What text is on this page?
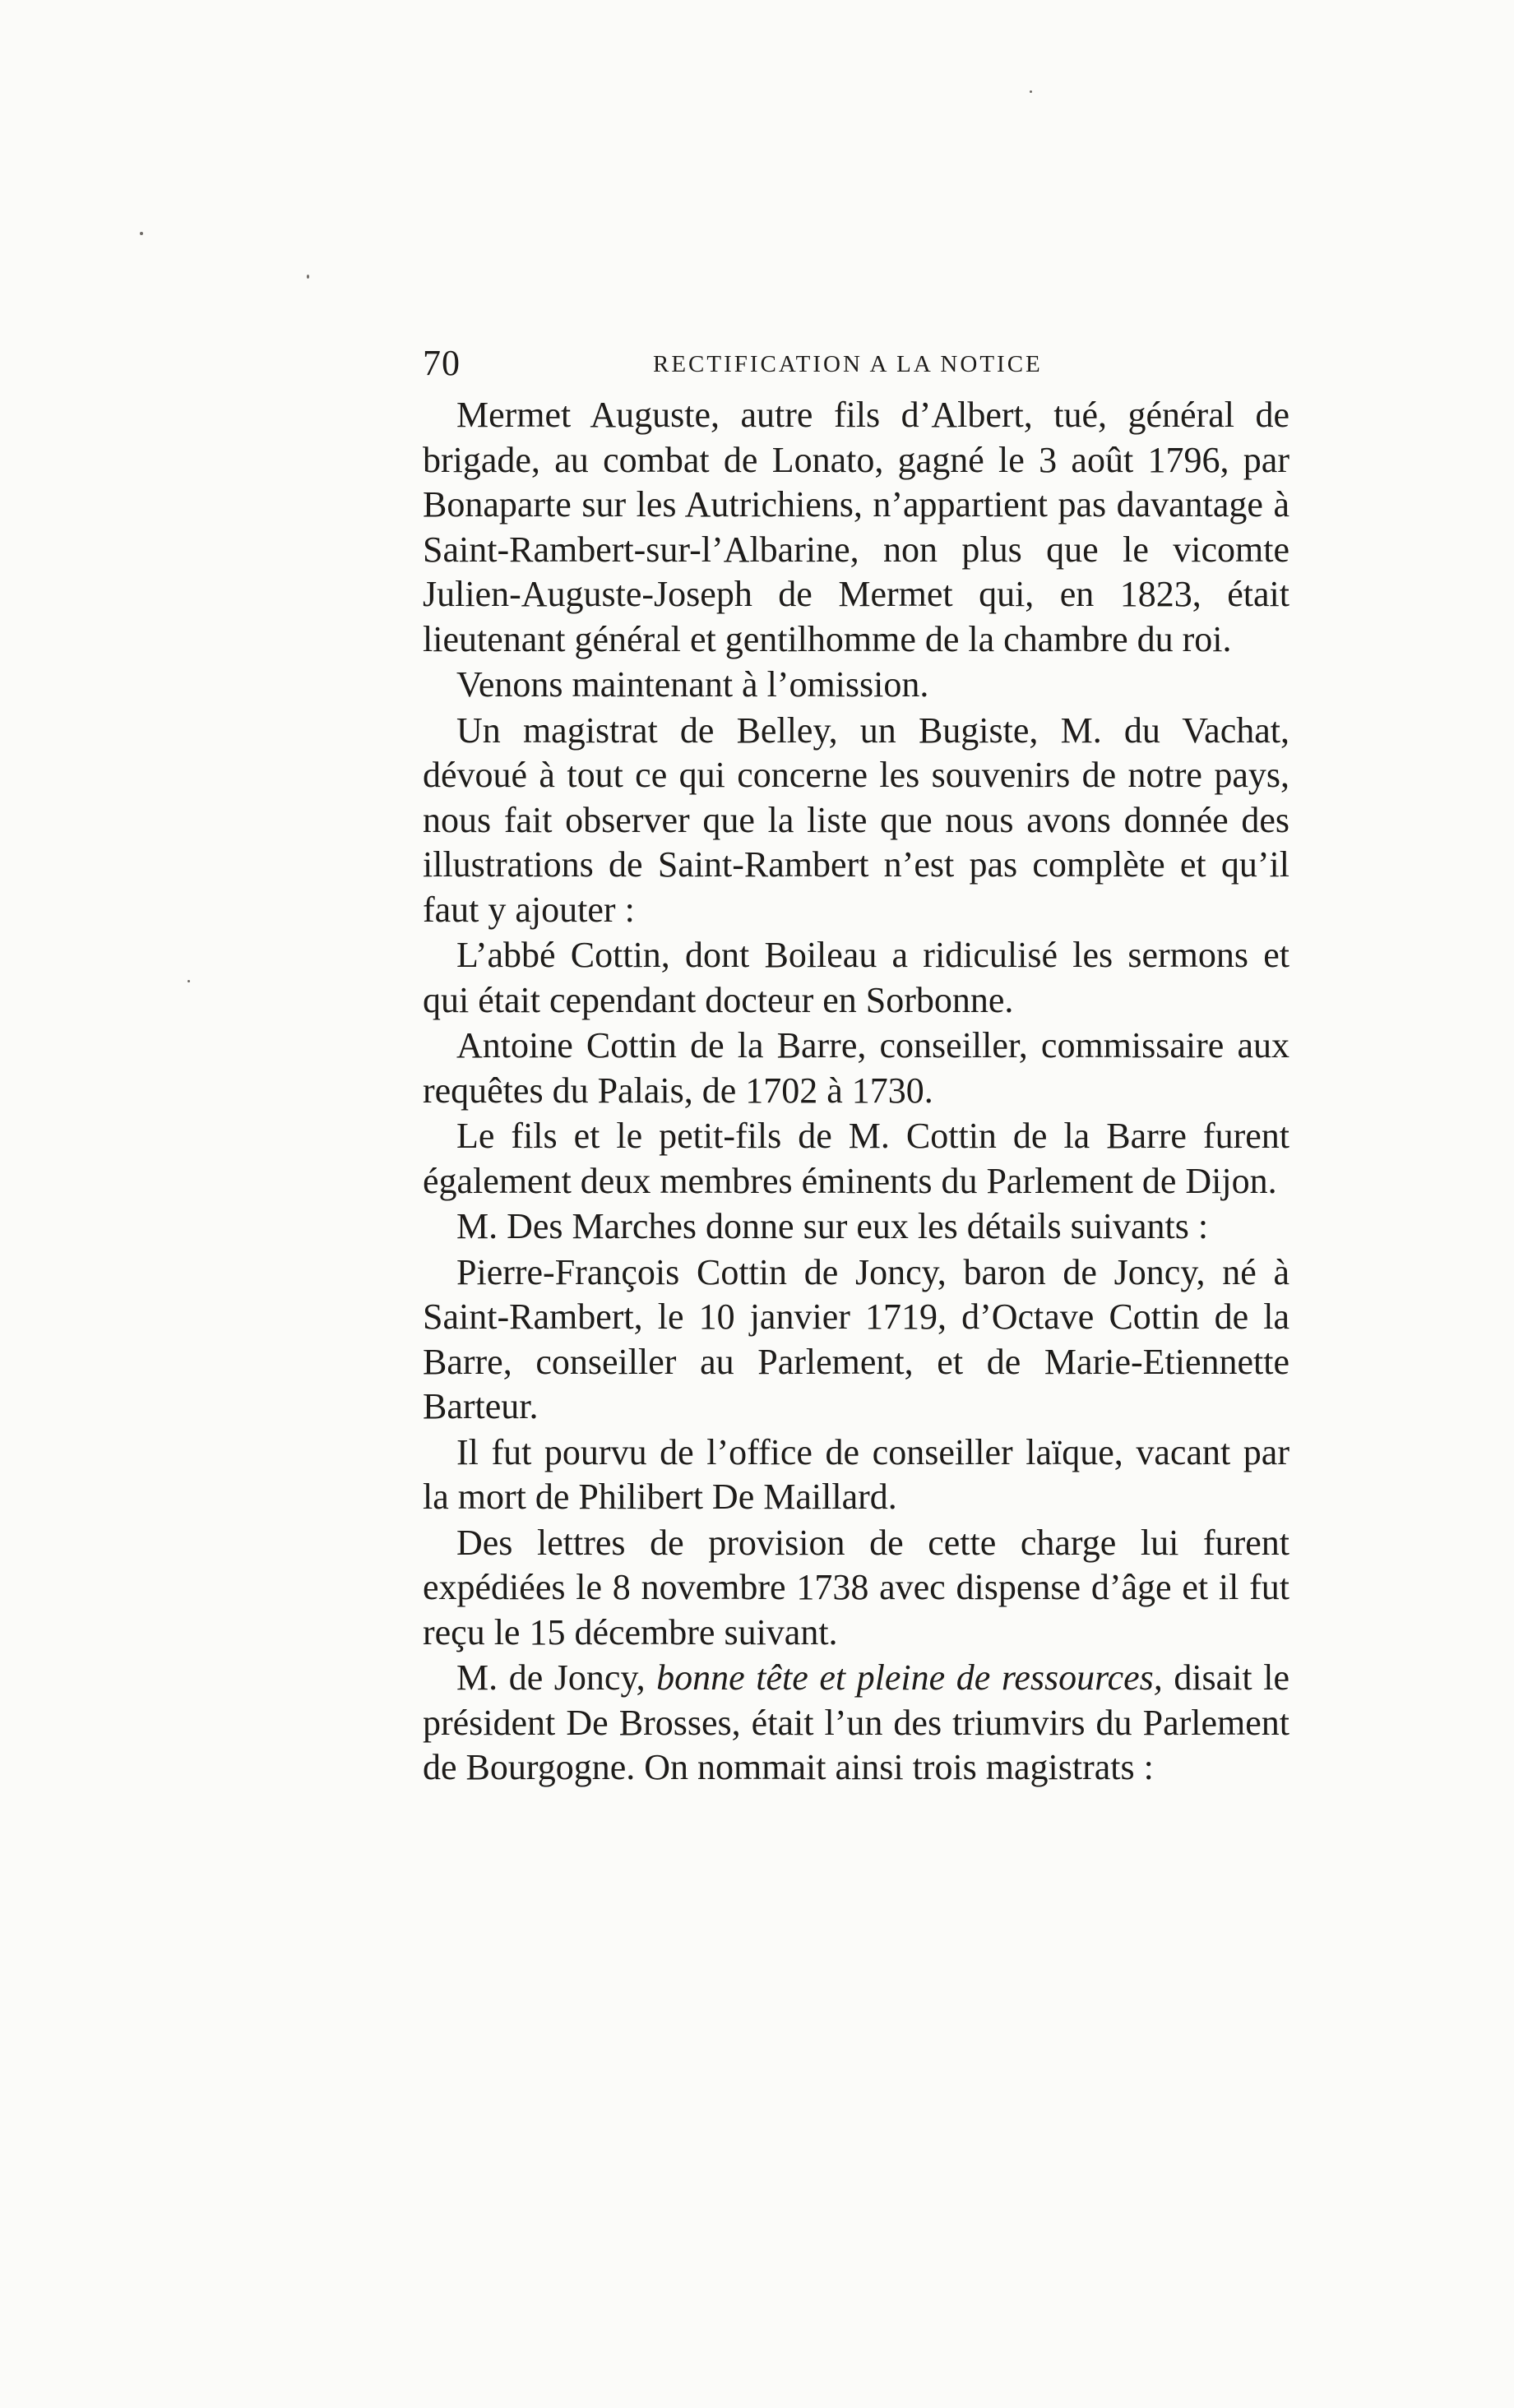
70	RECTIFICATION A LA NOTICE

Mermet Auguste, autre fils d’Albert, tué, général de brigade, au combat de Lonato, gagné le 3 août 1796, par Bonaparte sur les Autrichiens, n’appartient pas davantage à Saint-Rambert-sur-l’Albarine, non plus que le vicomte Julien-Auguste-Joseph de Mermet qui, en 1823, était lieutenant général et gentilhomme de la chambre du roi.

Venons maintenant à l’omission.

Un magistrat de Belley, un Bugiste, M. du Vachat, dévoué à tout ce qui concerne les souvenirs de notre pays, nous fait observer que la liste que nous avons donnée des illustrations de Saint-Rambert n’est pas complète et qu’il faut y ajouter :

L’abbé Cottin, dont Boileau a ridiculisé les sermons et qui était cependant docteur en Sorbonne.

Antoine Cottin de la Barre, conseiller, commissaire aux requêtes du Palais, de 1702 à 1730.

Le fils et le petit-fils de M. Cottin de la Barre furent également deux membres éminents du Parlement de Dijon.

M. Des Marches donne sur eux les détails suivants :

Pierre-François Cottin de Joncy, baron de Joncy, né à Saint-Rambert, le 10 janvier 1719, d’Octave Cottin de la Barre, conseiller au Parlement, et de Marie-Etiennette Barteur.

Il fut pourvu de l’office de conseiller laïque, vacant par la mort de Philibert De Maillard.

Des lettres de provision de cette charge lui furent expédiées le 8 novembre 1738 avec dispense d’âge et il fut reçu le 15 décembre suivant.

M. de Joncy, bonne tête et pleine de ressources, disait le président De Brosses, était l’un des triumvirs du Parlement de Bourgogne. On nommait ainsi trois magistrats :
